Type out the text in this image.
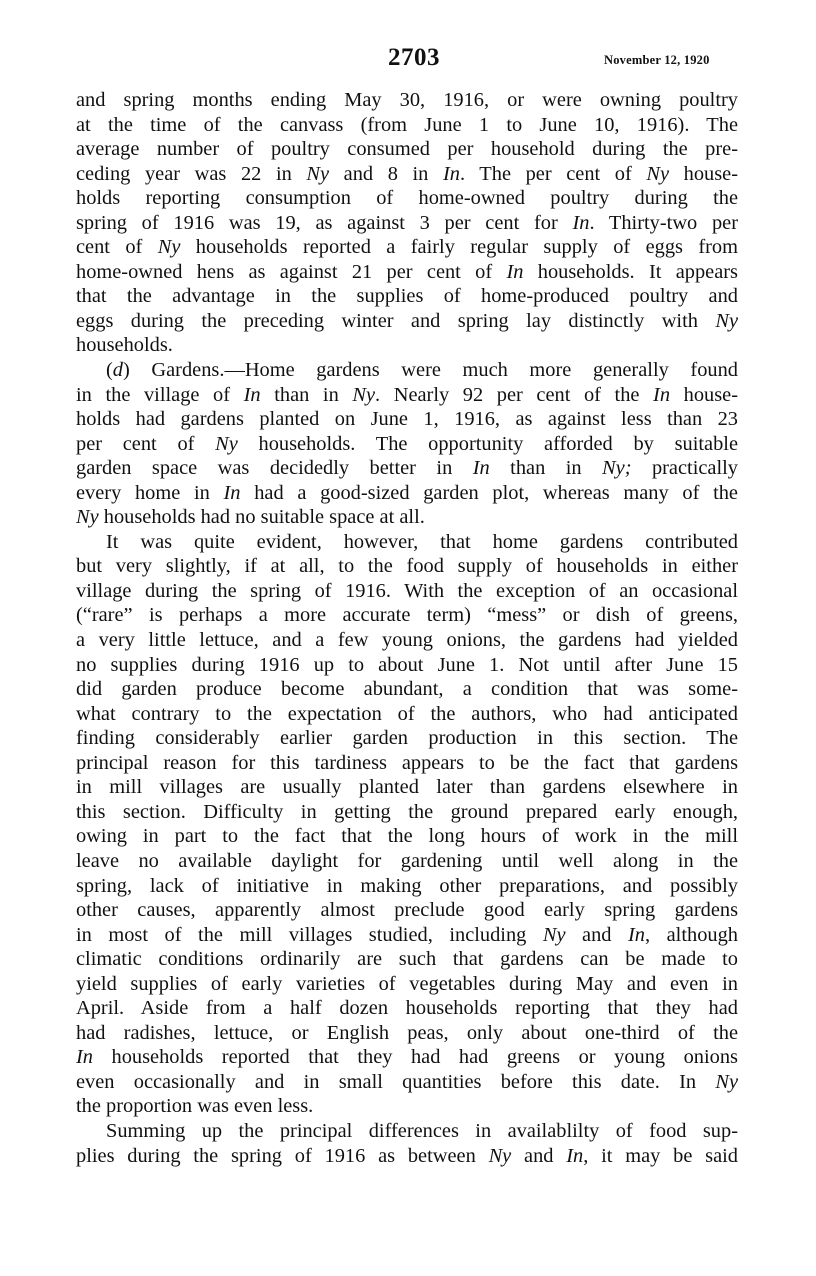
2703	November 12, 1920
and spring months ending May 30, 1916, or were owning poultry
at the time of the canvass (from June 1 to June 10, 1916). The
average number of poultry consumed per household during the pre-
ceding year was 22 in Ny and 8 in In. The per cent of Ny house-
holds reporting consumption of home-owned poultry during the
spring of 1916 was 19, as against 3 per cent for In. Thirty-two per
cent of Ny households reported a fairly regular supply of eggs from
home-owned hens as against 21 per cent of In households. It appears
that the advantage in the supplies of home-produced poultry and
eggs during the preceding winter and spring lay distinctly with Ny
households.
(d) Gardens.—Home gardens were much more generally found
in the village of In than in Ny. Nearly 92 per cent of the In house-
holds had gardens planted on June 1, 1916, as against less than 23
per cent of Ny households. The opportunity afforded by suitable
garden space was decidedly better in In than in Ny; practically
every home in In had a good-sized garden plot, whereas many of the
Ny households had no suitable space at all.
It was quite evident, however, that home gardens contributed
but very slightly, if at all, to the food supply of households in either
village during the spring of 1916. With the exception of an occasional
(“rare” is perhaps a more accurate term) “mess” or dish of greens,
a very little lettuce, and a few young onions, the gardens had yielded
no supplies during 1916 up to about June 1. Not until after June 15
did garden produce become abundant, a condition that was some-
what contrary to the expectation of the authors, who had anticipated
finding considerably earlier garden production in this section. The
principal reason for this tardiness appears to be the fact that gardens
in mill villages are usually planted later than gardens elsewhere in
this section. Difficulty in getting the ground prepared early enough,
owing in part to the fact that the long hours of work in the mill
leave no available daylight for gardening until well along in the
spring, lack of initiative in making other preparations, and possibly
other causes, apparently almost preclude good early spring gardens
in most of the mill villages studied, including Ny and In, although
climatic conditions ordinarily are such that gardens can be made to
yield supplies of early varieties of vegetables during May and even in
April. Aside from a half dozen households reporting that they had
had radishes, lettuce, or English peas, only about one-third of the
In households reported that they had had greens or young onions
even occasionally and in small quantities before this date. In Ny
the proportion was even less.
Summing up the principal differences in availablilty of food sup-
plies during the spring of 1916 as between Ny and In, it may be said
